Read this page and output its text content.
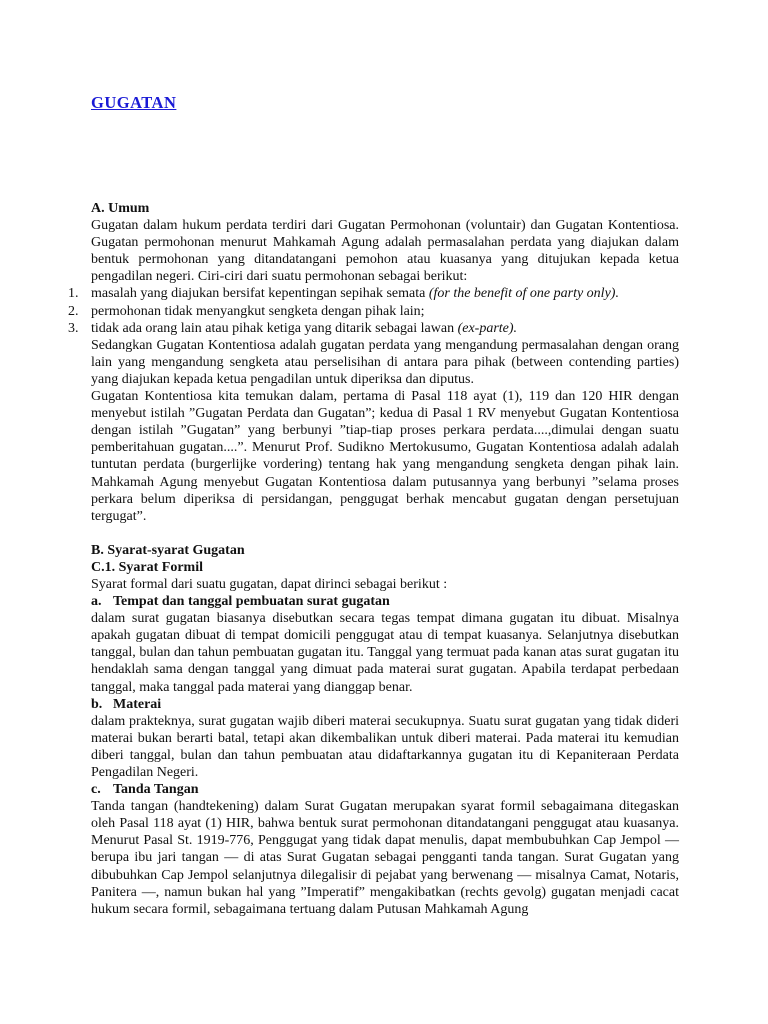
GUGATAN
A. Umum

Gugatan dalam hukum perdata terdiri dari Gugatan Permohonan (voluntair) dan Gugatan Kontentiosa. Gugatan permohonan menurut Mahkamah Agung adalah permasalahan perdata yang diajukan dalam bentuk permohonan yang ditandatangani pemohon atau kuasanya yang ditujukan kepada ketua pengadilan negeri. Ciri-ciri dari suatu permohonan sebagai berikut:

1. masalah yang diajukan bersifat kepentingan sepihak semata (for the benefit of one party only).
2. permohonan tidak menyangkut sengketa dengan pihak lain;
3. tidak ada orang lain atau pihak ketiga yang ditarik sebagai lawan (ex-parte).

Sedangkan Gugatan Kontentiosa adalah gugatan perdata yang mengandung permasalahan dengan orang lain yang mengandung sengketa atau perselisihan di antara para pihak (between contending parties) yang diajukan kepada ketua pengadilan untuk diperiksa dan diputus.

Gugatan Kontentiosa kita temukan dalam, pertama di Pasal 118 ayat (1), 119 dan 120 HIR dengan menyebut istilah ”Gugatan Perdata dan Gugatan”; kedua di Pasal 1 RV menyebut Gugatan Kontentiosa dengan istilah ”Gugatan” yang berbunyi ”tiap-tiap proses perkara perdata....,dimulai dengan suatu pemberitahuan gugatan....”. Menurut Prof. Sudikno Mertokusumo, Gugatan Kontentiosa adalah adalah tuntutan perdata (burgerlijke vordering) tentang hak yang mengandung sengketa dengan pihak lain. Mahkamah Agung menyebut Gugatan Kontentiosa dalam putusannya yang berbunyi ”selama proses perkara belum diperiksa di persidangan, penggugat berhak mencabut gugatan dengan persetujuan tergugat”.

B. Syarat-syarat Gugatan
C.1. Syarat Formil

Syarat formal dari suatu gugatan, dapat dirinci sebagai berikut :

a. Tempat dan tanggal pembuatan surat gugatan

dalam surat gugatan biasanya disebutkan secara tegas tempat dimana gugatan itu dibuat. Misalnya apakah gugatan dibuat di tempat domicili penggugat atau di tempat kuasanya. Selanjutnya disebutkan tanggal, bulan dan tahun pembuatan gugatan itu. Tanggal yang termuat pada kanan atas surat gugatan itu hendaklah sama dengan tanggal yang dimuat pada materai surat gugatan. Apabila terdapat perbedaan tanggal, maka tanggal pada materai yang dianggap benar.

b. Materai

dalam prakteknya, surat gugatan wajib diberi materai secukupnya. Suatu surat gugatan yang tidak dideri materai bukan berarti batal, tetapi akan dikembalikan untuk diberi materai. Pada materai itu kemudian diberi tanggal, bulan dan tahun pembuatan atau didaftarkannya gugatan itu di Kepaniteraan Perdata Pengadilan Negeri.

c. Tanda Tangan

Tanda tangan (handtekening) dalam Surat Gugatan merupakan syarat formil sebagaimana ditegaskan oleh Pasal 118 ayat (1) HIR, bahwa bentuk surat permohonan ditandatangani penggugat atau kuasanya. Menurut Pasal St. 1919-776, Penggugat yang tidak dapat menulis, dapat membubuhkan Cap Jempol — berupa ibu jari tangan — di atas Surat Gugatan sebagai pengganti tanda tangan. Surat Gugatan yang dibubuhkan Cap Jempol selanjutnya dilegalisir di pejabat yang berwenang — misalnya Camat, Notaris, Panitera —, namun bukan hal yang ”Imperatif” mengakibatkan (rechts gevolg) gugatan menjadi cacat hukum secara formil, sebagaimana tertuang dalam Putusan Mahkamah Agung
